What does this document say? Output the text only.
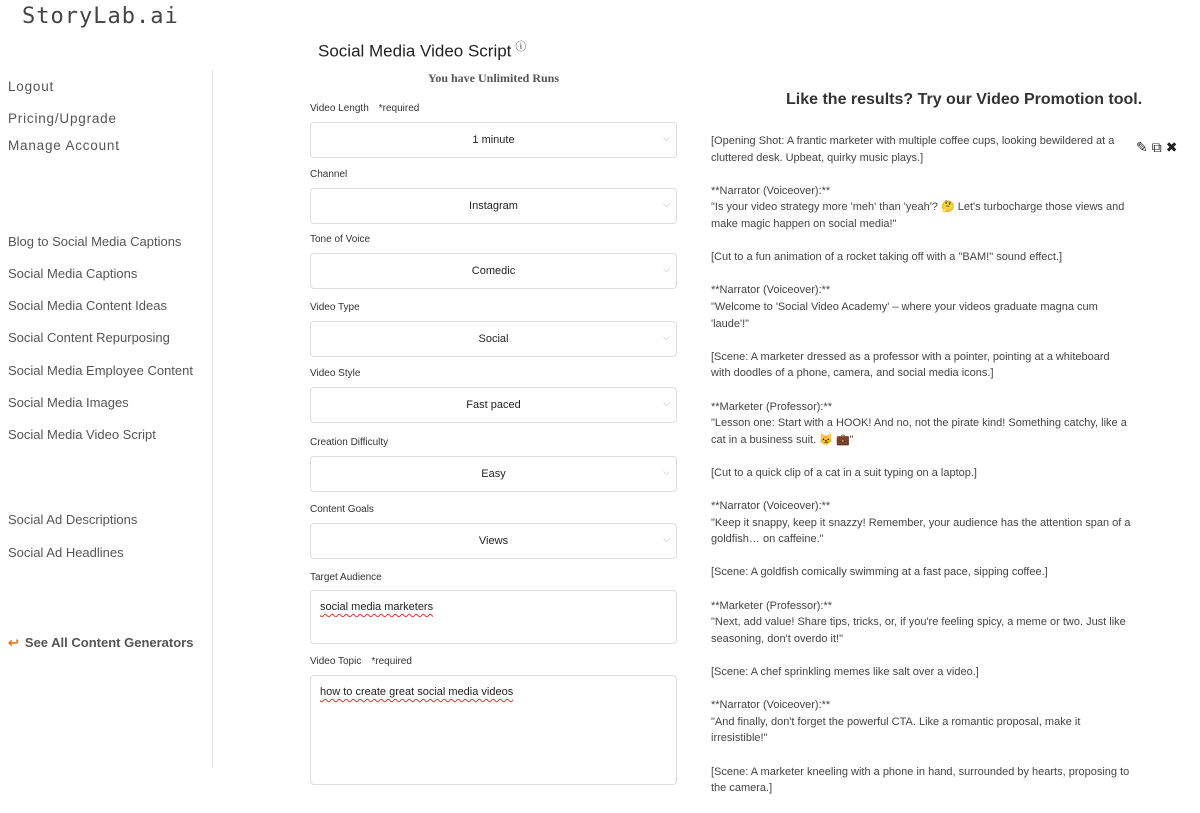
StoryLab.ai
Logout
Pricing/Upgrade
Manage Account
Blog to Social Media Captions
Social Media Captions
Social Media Content Ideas
Social Content Repurposing
Social Media Employee Content
Social Media Images
Social Media Video Script
Social Ad Descriptions
Social Ad Headlines
↩ See All Content Generators
Social Media Video Script ⓘ
You have Unlimited Runs
Video Length *required
1 minute	⌵
Channel
Instagram	⌵
Tone of Voice
Comedic	⌵
Video Type
Social	⌵
Video Style
Fast paced	⌵
Creation Difficulty
Easy	⌵
Content Goals
Views	⌵
Target Audience
social media marketers
Video Topic *required
how to create great social media videos
Like the results? Try our Video Promotion tool.
✎ ⧉ ✖

[Opening Shot: A frantic marketer with multiple coffee cups, looking bewildered at a cluttered desk. Upbeat, quirky music plays.]

**Narrator (Voiceover):**
"Is your video strategy more 'meh' than 'yeah'? 🤔 Let's turbocharge those views and make magic happen on social media!"

[Cut to a fun animation of a rocket taking off with a "BAM!" sound effect.]

**Narrator (Voiceover):**
"Welcome to 'Social Video Academy' – where your videos graduate magna cum 'laude'!"

[Scene: A marketer dressed as a professor with a pointer, pointing at a whiteboard with doodles of a phone, camera, and social media icons.]

**Marketer (Professor):**
"Lesson one: Start with a HOOK! And no, not the pirate kind! Something catchy, like a cat in a business suit. 😼 💼"

[Cut to a quick clip of a cat in a suit typing on a laptop.]

**Narrator (Voiceover):**
"Keep it snappy, keep it snazzy! Remember, your audience has the attention span of a goldfish… on caffeine."

[Scene: A goldfish comically swimming at a fast pace, sipping coffee.]

**Marketer (Professor):**
"Next, add value! Share tips, tricks, or, if you're feeling spicy, a meme or two. Just like seasoning, don't overdo it!"

[Scene: A chef sprinkling memes like salt over a video.]

**Narrator (Voiceover):**
"And finally, don't forget the powerful CTA. Like a romantic proposal, make it irresistible!"

[Scene: A marketer kneeling with a phone in hand, surrounded by hearts, proposing to the camera.]
